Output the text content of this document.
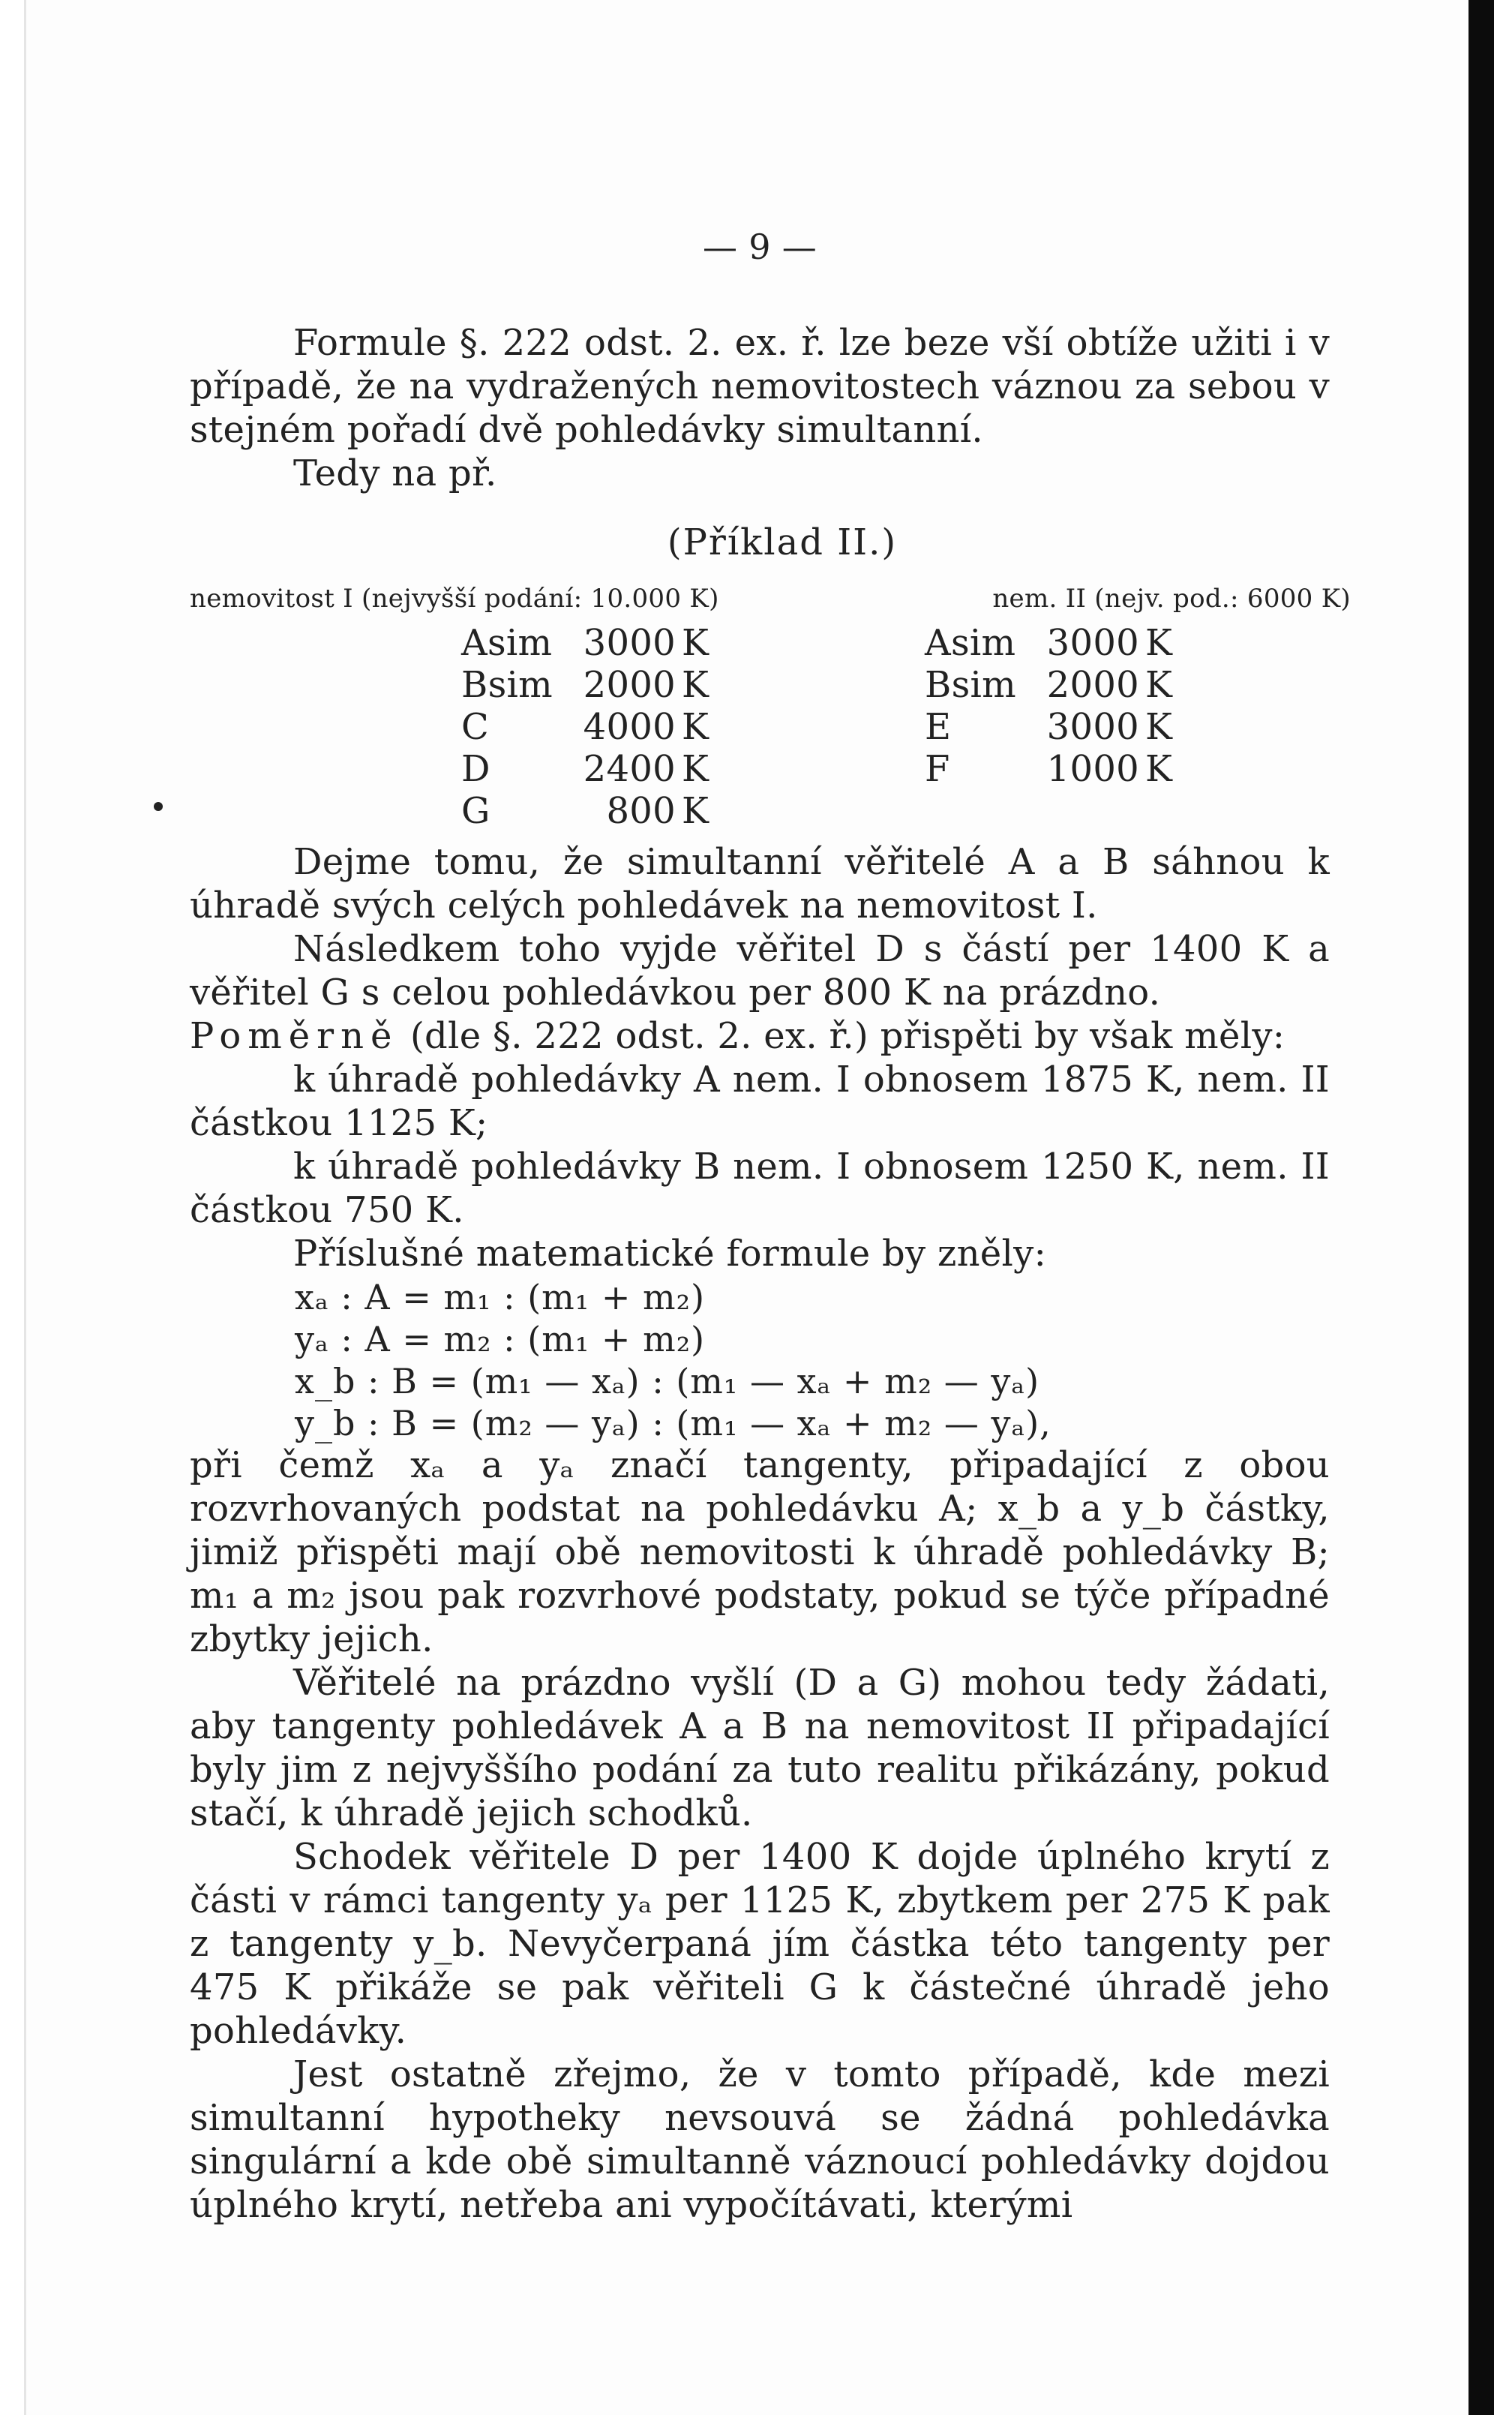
— 9 —

Formule §. 222 odst. 2. ex. ř. lze beze vší obtíže užiti i v případě, že na vydražených nemovitostech váznou za sebou v stejném pořadí dvě pohledávky simultanní.

Tedy na př.

(Příklad II.)
nemovitost I (nejvyšší podání: 10.000 K)	nem. II (nejv. pod.: 6000 K)
Asim 3000 K
Bsim 2000 K
C	4000 K
D	2400 K
G	800 K
Asim 3000 K
Bsim 2000 K
E	3000 K
F	1000 K

Dejme tomu, že simultanní věřitelé A a B sáhnou k úhradě svých celých pohledávek na nemovitost I.

Následkem toho vyjde věřitel D s částí per 1400 K a věřitel G s celou pohledávkou per 800 K na prázdno.

Poměrně (dle §. 222 odst. 2. ex. ř.) přispěti by však měly:

k úhradě pohledávky A nem. I obnosem 1875 K, nem. II částkou 1125 K;

k úhradě pohledávky B nem. I obnosem 1250 K, nem. II částkou 750 K.

Příslušné matematické formule by zněly:

xₐ : A = m₁ : (m₁ + m₂)
yₐ : A = m₂ : (m₁ + m₂)
x_b : B = (m₁ — xₐ) : (m₁ — xₐ + m₂ — yₐ)
y_b : B = (m₂ — yₐ) : (m₁ — xₐ + m₂ — yₐ),

při čemž xₐ a yₐ značí tangenty, připadající z obou rozvrhovaných podstat na pohledávku A; x_b a y_b částky, jimiž přispěti mají obě nemovitosti k úhradě pohledávky B; m₁ a m₂ jsou pak rozvrhové podstaty, pokud se týče případné zbytky jejich.

Věřitelé na prázdno vyšlí (D a G) mohou tedy žádati, aby tangenty pohledávek A a B na nemovitost II připadající byly jim z nejvyššího podání za tuto realitu přikázány, pokud stačí, k úhradě jejich schodků.

Schodek věřitele D per 1400 K dojde úplného krytí z části v rámci tangenty yₐ per 1125 K, zbytkem per 275 K pak z tangenty y_b. Nevyčerpaná jím částka této tangenty per 475 K přikáže se pak věřiteli G k částečné úhradě jeho pohledávky.

Jest ostatně zřejmo, že v tomto případě, kde mezi simultanní hypotheky nevsouvá se žádná pohledávka singulární a kde obě simultanně váznoucí pohledávky dojdou úplného krytí, netřeba ani vypočítávati, kterými
